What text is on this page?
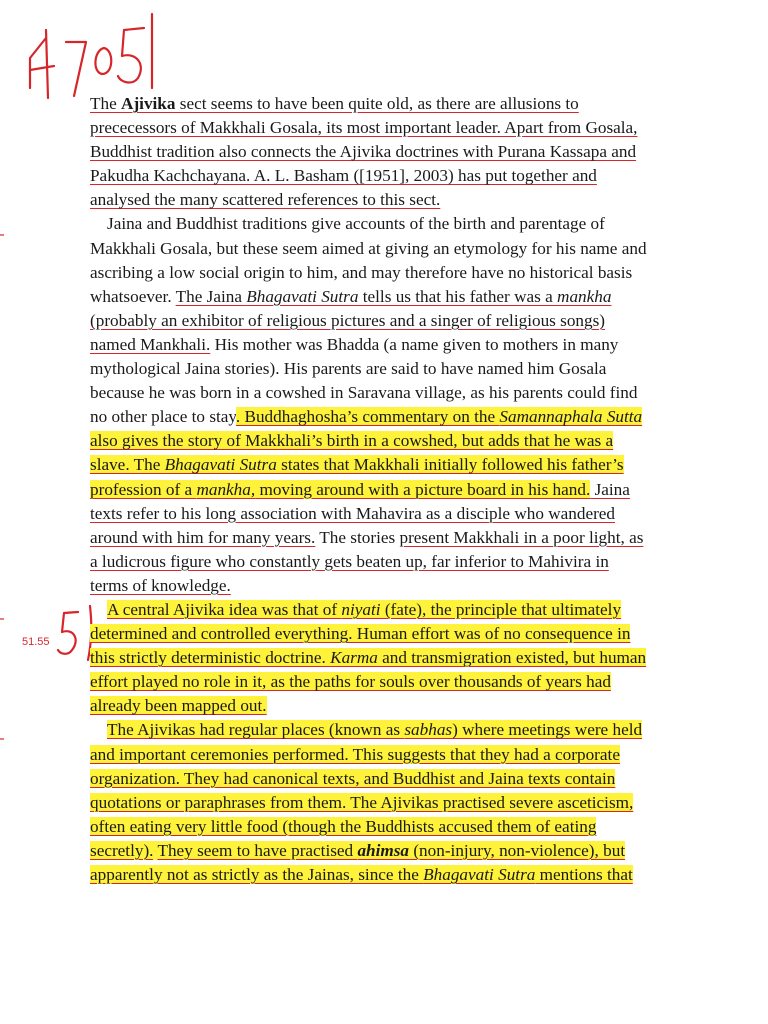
51.55
The Ajivika sect seems to have been quite old, as there are allusions to
prececessors of Makkhali Gosala, its most important leader. Apart from Gosala,
Buddhist tradition also connects the Ajivika doctrines with Purana Kassapa and
Pakudha Kachchayana. A. L. Basham ([1951], 2003) has put together and
analysed the many scattered references to this sect.
Jaina and Buddhist traditions give accounts of the birth and parentage of
Makkhali Gosala, but these seem aimed at giving an etymology for his name and
ascribing a low social origin to him, and may therefore have no historical basis
whatsoever. The Jaina Bhagavati Sutra tells us that his father was a mankha
(probably an exhibitor of religious pictures and a singer of religious songs)
named Mankhali. His mother was Bhadda (a name given to mothers in many
mythological Jaina stories). His parents are said to have named him Gosala
because he was born in a cowshed in Saravana village, as his parents could find
no other place to stay. Buddhaghosha’s commentary on the Samannaphala Sutta
also gives the story of Makkhali’s birth in a cowshed, but adds that he was a
slave. The Bhagavati Sutra states that Makkhali initially followed his father’s
profession of a mankha, moving around with a picture board in his hand. Jaina
texts refer to his long association with Mahavira as a disciple who wandered
around with him for many years. The stories present Makkhali in a poor light, as
a ludicrous figure who constantly gets beaten up, far inferior to Mahivira in
terms of knowledge.
A central Ajivika idea was that of niyati (fate), the principle that ultimately
determined and controlled everything. Human effort was of no consequence in
this strictly deterministic doctrine. Karma and transmigration existed, but human
effort played no role in it, as the paths for souls over thousands of years had
already been mapped out.
The Ajivikas had regular places (known as sabhas) where meetings were held
and important ceremonies performed. This suggests that they had a corporate
organization. They had canonical texts, and Buddhist and Jaina texts contain
quotations or paraphrases from them. The Ajivikas practised severe asceticism,
often eating very little food (though the Buddhists accused them of eating
secretly). They seem to have practised ahimsa (non-injury, non-violence), but
apparently not as strictly as the Jainas, since the Bhagavati Sutra mentions that
